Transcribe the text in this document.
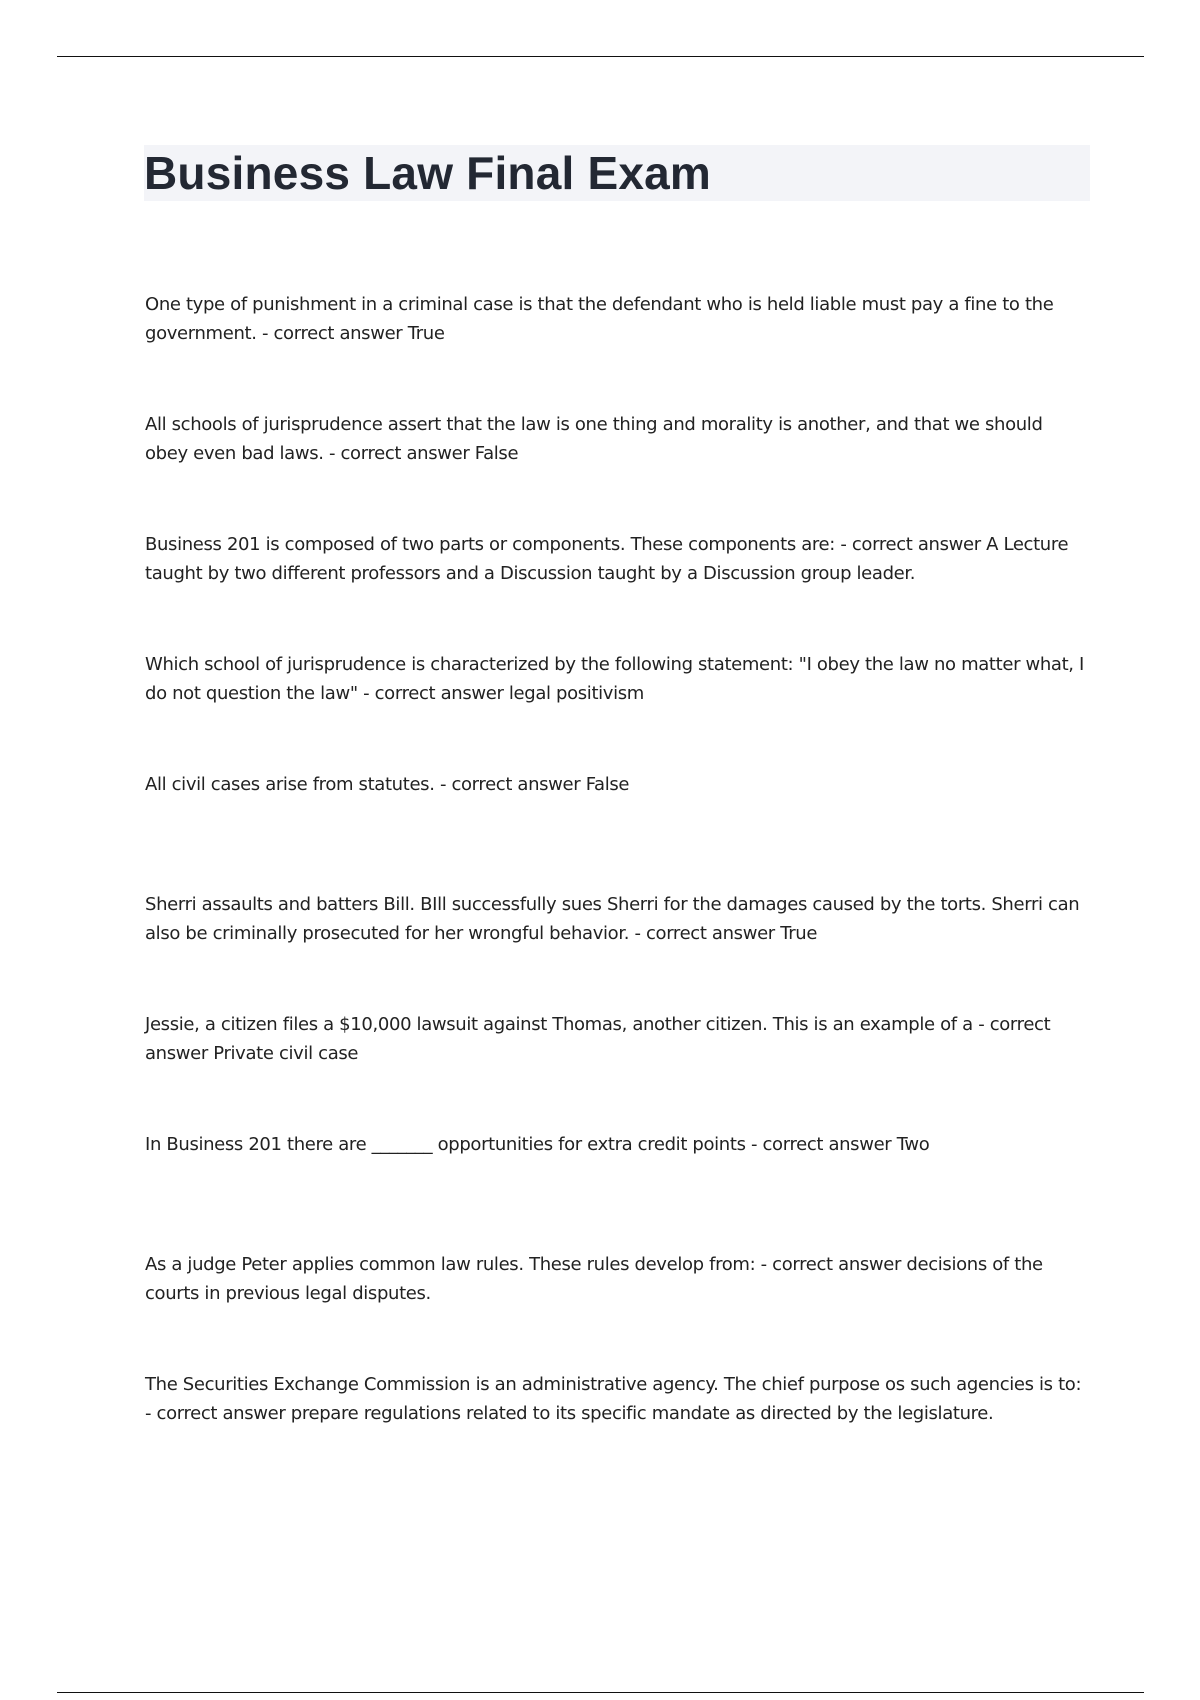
Business Law Final Exam

One type of punishment in a criminal case is that the defendant who is held liable must pay a fine to the government. - correct answer True

All schools of jurisprudence assert that the law is one thing and morality is another, and that we should obey even bad laws. - correct answer False

Business 201 is composed of two parts or components. These components are: - correct answer A Lecture taught by two different professors and a Discussion taught by a Discussion group leader.

Which school of jurisprudence is characterized by the following statement: "I obey the law no matter what, I do not question the law" - correct answer legal positivism

All civil cases arise from statutes. - correct answer False

Sherri assaults and batters Bill. BIll successfully sues Sherri for the damages caused by the torts. Sherri can also be criminally prosecuted for her wrongful behavior. - correct answer True

Jessie, a citizen files a $10,000 lawsuit against Thomas, another citizen. This is an example of a - correct answer Private civil case

In Business 201 there are _______ opportunities for extra credit points - correct answer Two

As a judge Peter applies common law rules. These rules develop from: - correct answer decisions of the courts in previous legal disputes.

The Securities Exchange Commission is an administrative agency. The chief purpose os such agencies is to: - correct answer prepare regulations related to its specific mandate as directed by the legislature.
